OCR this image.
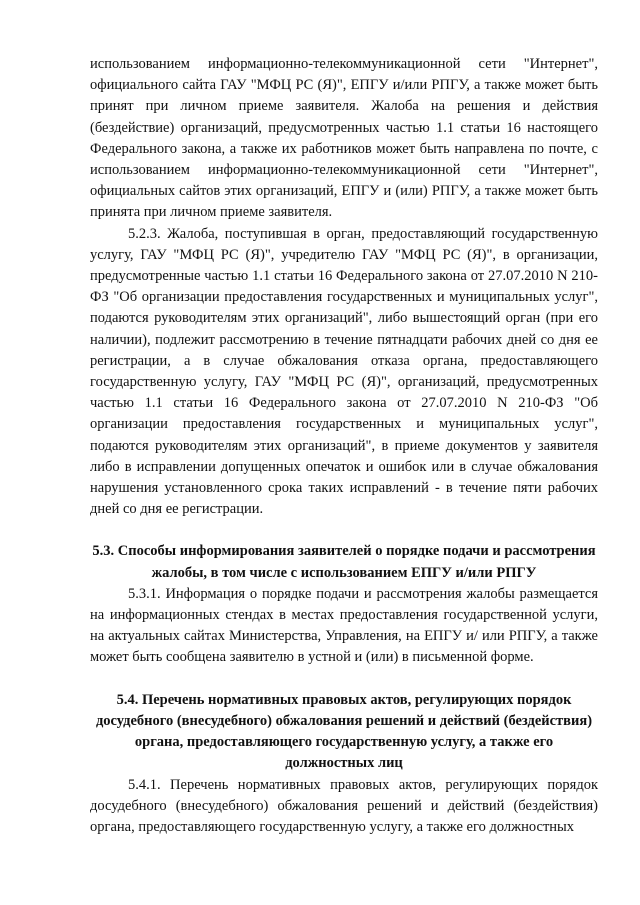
использованием информационно-телекоммуникационной сети "Интернет", официального сайта ГАУ "МФЦ РС (Я)", ЕПГУ и/или РПГУ, а также может быть принят при личном приеме заявителя. Жалоба на решения и действия (бездействие) организаций, предусмотренных частью 1.1 статьи 16 настоящего Федерального закона, а также их работников может быть направлена по почте, с использованием информационно-телекоммуникационной сети "Интернет", официальных сайтов этих организаций, ЕПГУ и (или) РПГУ, а также может быть принята при личном приеме заявителя.

5.2.3. Жалоба, поступившая в орган, предоставляющий государственную услугу, ГАУ "МФЦ РС (Я)", учредителю ГАУ "МФЦ РС (Я)", в организации, предусмотренные частью 1.1 статьи 16 Федерального закона от 27.07.2010 N 210-ФЗ "Об организации предоставления государственных и муниципальных услуг", подаются руководителям этих организаций", либо вышестоящий орган (при его наличии), подлежит рассмотрению в течение пятнадцати рабочих дней со дня ее регистрации, а в случае обжалования отказа органа, предоставляющего государственную услугу, ГАУ "МФЦ РС (Я)", организаций, предусмотренных частью 1.1 статьи 16 Федерального закона от 27.07.2010 N 210-ФЗ "Об организации предоставления государственных и муниципальных услуг", подаются руководителям этих организаций", в приеме документов у заявителя либо в исправлении допущенных опечаток и ошибок или в случае обжалования нарушения установленного срока таких исправлений - в течение пяти рабочих дней со дня ее регистрации.

5.3. Способы информирования заявителей о порядке подачи и рассмотрения жалобы, в том числе с использованием ЕПГУ и/или РПГУ

5.3.1. Информация о порядке подачи и рассмотрения жалобы размещается на информационных стендах в местах предоставления государственной услуги, на актуальных сайтах Министерства, Управления, на ЕПГУ и/ или РПГУ, а также может быть сообщена заявителю в устной и (или) в письменной форме.

5.4. Перечень нормативных правовых актов, регулирующих порядок досудебного (внесудебного) обжалования решений и действий (бездействия) органа, предоставляющего государственную услугу, а также его должностных лиц

5.4.1. Перечень нормативных правовых актов, регулирующих порядок досудебного (внесудебного) обжалования решений и действий (бездействия) органа, предоставляющего государственную услугу, а также его должностных
